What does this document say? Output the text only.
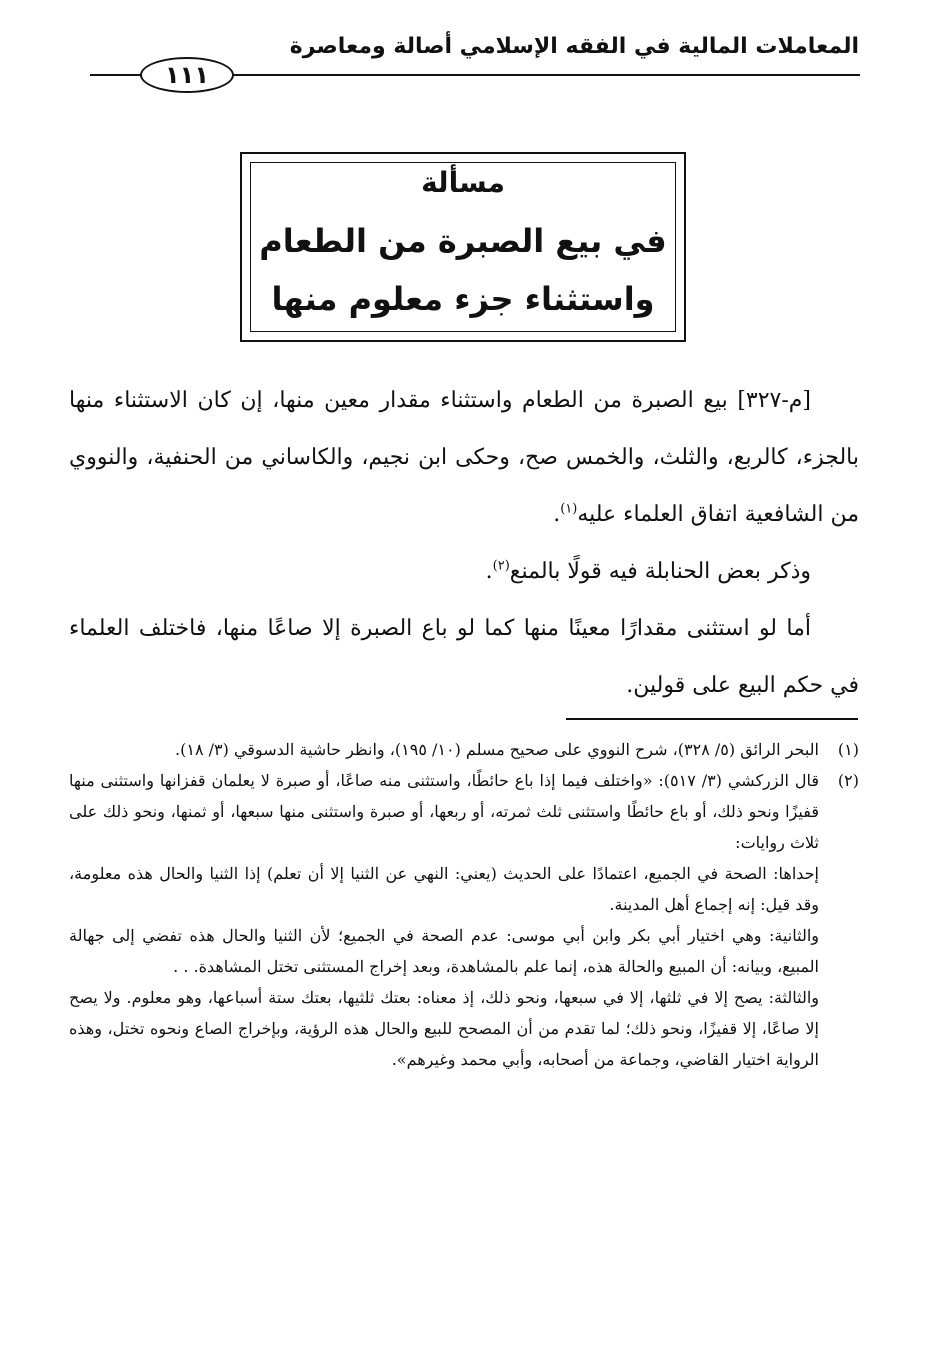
المعاملات المالية في الفقه الإسلامي أصالة ومعاصرة
١١١
مسألة
في بيع الصبرة من الطعام
واستثناء جزء معلوم منها

[م-٣٢٧] بيع الصبرة من الطعام واستثناء مقدار معين منها، إن كان الاستثناء منها بالجزء، كالربع، والثلث، والخمس صح، وحكى ابن نجيم، والكاساني من الحنفية، والنووي من الشافعية اتفاق العلماء عليه$^{(١)}$.

وذكر بعض الحنابلة فيه قولًا بالمنع$^{(٢)}$.

أما لو استثنى مقدارًا معينًا منها كما لو باع الصبرة إلا صاعًا منها، فاختلف العلماء في حكم البيع على قولين.

(١)

البحر الرائق (٥/ ٣٢٨)، شرح النووي على صحيح مسلم (١٠/ ١٩٥)، وانظر حاشية الدسوقي (٣/ ١٨).

(٢)

قال الزركشي (٣/ ٥١٧): «واختلف فيما إذا باع حائطًا، واستثنى منه صاعًا، أو صبرة لا يعلمان قفزانها واستثنى منها قفيزًا ونحو ذلك، أو باع حائطًا واستثنى ثلث ثمرته، أو ربعها، أو صبرة واستثنى منها سبعها، أو ثمنها، ونحو ذلك على ثلاث روايات:

إحداها: الصحة في الجميع، اعتمادًا على الحديث (يعني: النهي عن الثنيا إلا أن تعلم) إذا الثنيا والحال هذه معلومة، وقد قيل: إنه إجماع أهل المدينة.

والثانية: وهي اختيار أبي بكر وابن أبي موسى: عدم الصحة في الجميع؛ لأن الثنيا والحال هذه تفضي إلى جهالة المبيع، وبيانه: أن المبيع والحالة هذه، إنما علم بالمشاهدة، وبعد إخراج المستثنى تختل المشاهدة. . .

والثالثة: يصح إلا في ثلثها، إلا في سبعها، ونحو ذلك، إذ معناه: بعتك ثلثيها، بعتك ستة أسباعها، وهو معلوم. ولا يصح إلا صاعًا، إلا قفيزًا، ونحو ذلك؛ لما تقدم من أن المصحح للبيع والحال هذه الرؤية، وبإخراج الصاع ونحوه تختل، وهذه الرواية اختيار القاضي، وجماعة من أصحابه، وأبي محمد وغيرهم».
